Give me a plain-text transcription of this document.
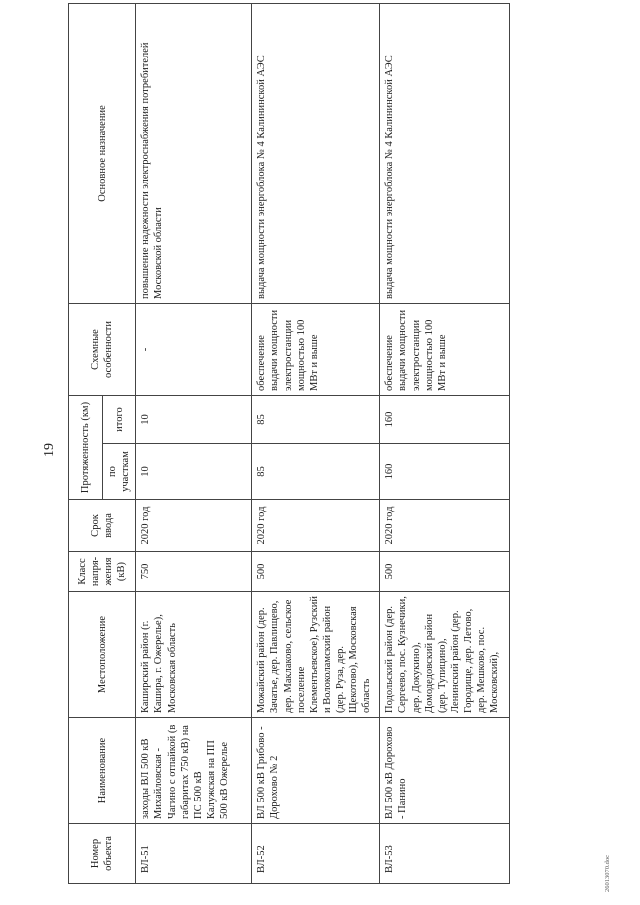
19
Номер объекта	Наименование	Местоположение	Класс напря-жения (кВ)	Срок ввода	Протяженность (км)		Схемные особенности	Основное назначение
					по участкам	итого		
ВЛ-51	заходы ВЛ 500 кВ Михайловская - Чагино с отпайкой (в габаритах 750 кВ) на ПС 500 кВ Калужская на ПП 500 кВ Ожерелье	Каширский район (г. Кашира, г. Ожерелье), Московская область	750	2020 год	10	10	-	повышение надежности электроснабжения потребителей Московской области
ВЛ-52	ВЛ 500 кВ Грибово - Дорохово № 2	Можайский район (дер. Зачатье, дер. Павлищево, дер. Маклаково, сельское поселение Клементьевское), Рузский и Волоколамский район (дер. Руза, дер. Щекотово), Московская область	500	2020 год	85	85	обеспечение выдачи мощности электростанции мощностью 100 МВт и выше	выдача мощности энергоблока № 4 Калининской АЭС
ВЛ-53	ВЛ 500 кВ Дорохово - Панино	Подольский район (дер. Сергеево, пос. Кузнечики, дер. Докукино), Домодедовский район (дер. Тупицино), Ленинский район (дер. Городище, дер. Летово, дер. Мешково, пос. Московский),	500	2020 год	160	160	обеспечение выдачи мощности электростанции мощностью 100 МВт и выше	выдача мощности энергоблока № 4 Калининской АЭС
26013070.doc
